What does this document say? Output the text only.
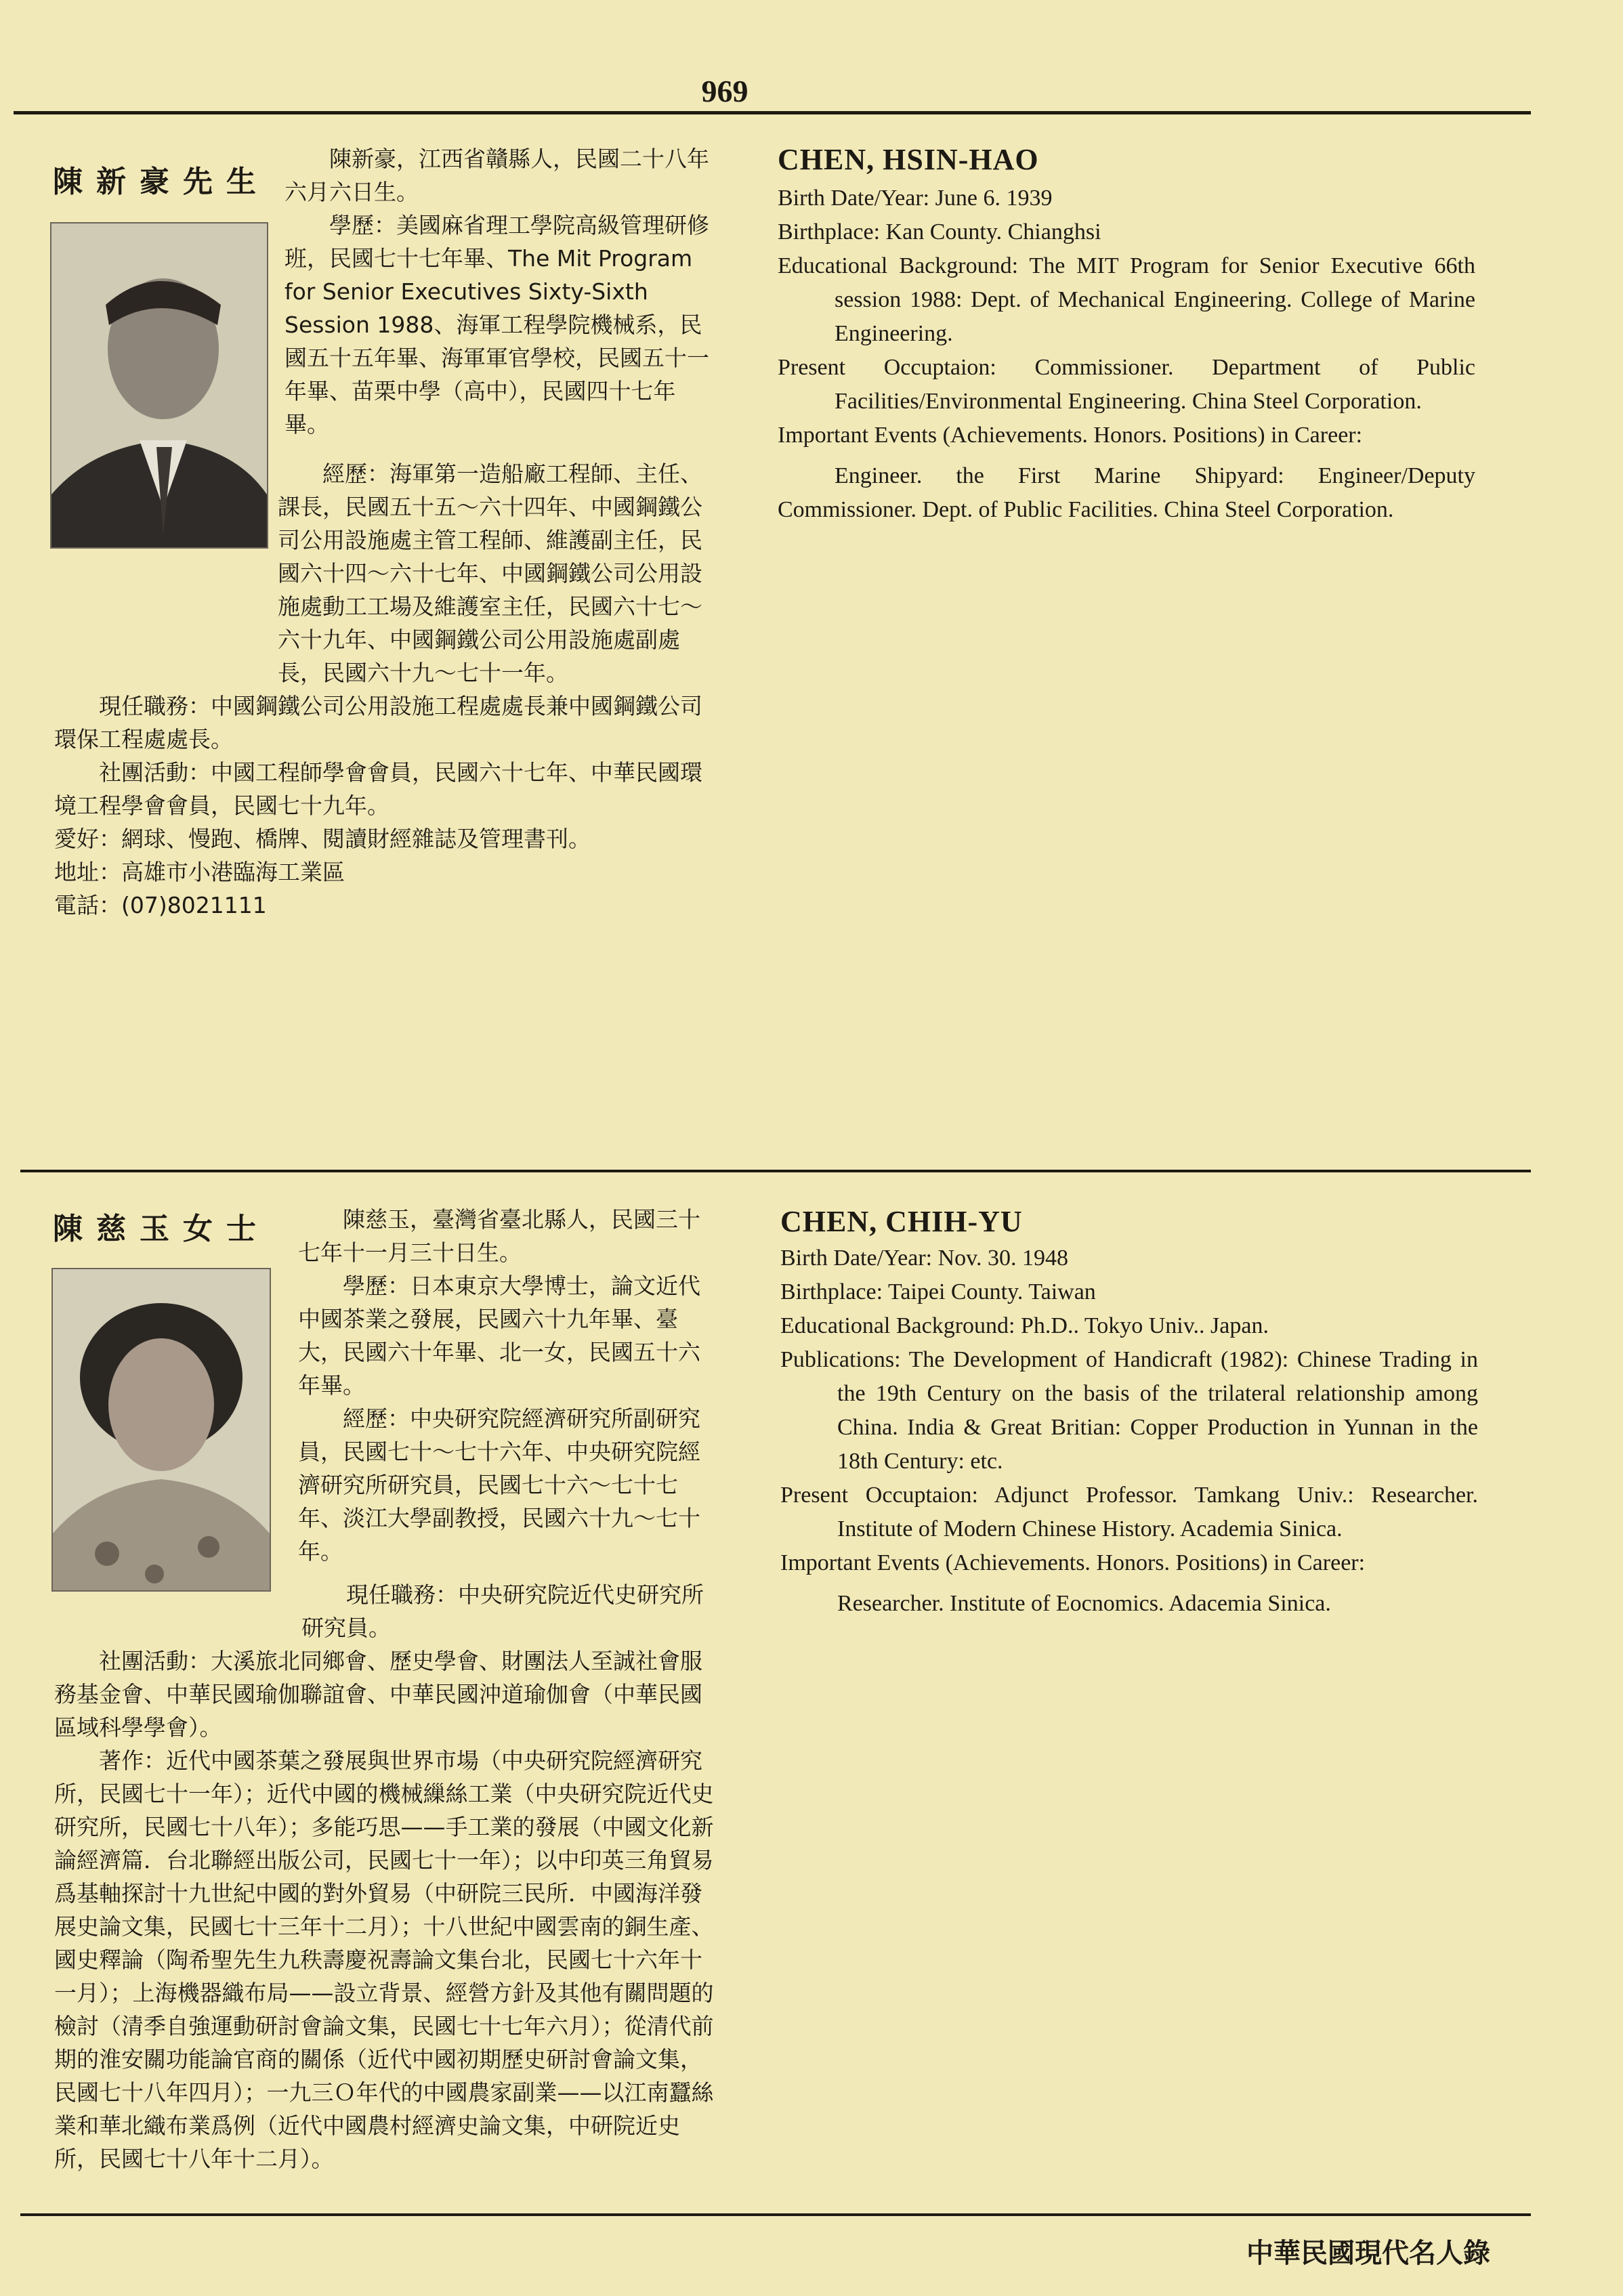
969
陳新豪先生

陳新豪，江西省贛縣人，民國二十八年六月六日生。

學歷：美國麻省理工學院高級管理研修班，民國七十七年畢、The Mit Program for Senior Executives Sixty-Sixth Session 1988、海軍工程學院機械系，民國五十五年畢、海軍軍官學校，民國五十一年畢、苗栗中學（高中），民國四十七年畢。

經歷：海軍第一造船廠工程師、主任、課長，民國五十五～六十四年、中國鋼鐵公司公用設施處主管工程師、維護副主任，民國六十四～六十七年、中國鋼鐵公司公用設施處動工工場及維護室主任，民國六十七～六十九年、中國鋼鐵公司公用設施處副處長，民國六十九～七十一年。

現任職務：中國鋼鐵公司公用設施工程處處長兼中國鋼鐵公司環保工程處處長。

社團活動：中國工程師學會會員，民國六十七年、中華民國環境工程學會會員，民國七十九年。

愛好：網球、慢跑、橋牌、閱讀財經雜誌及管理書刊。

地址：高雄市小港臨海工業區

電話：(07)8021111

CHEN, HSIN-HAO

Birth Date/Year: June 6. 1939

Birthplace: Kan County. Chianghsi

Educational Background: The MIT Program for Senior Executive 66th session 1988: Dept. of Mechanical Engineering. College of Marine Engineering.

Present Occuptaion: Commissioner. Department of Public Facilities/Environmental Engineering. China Steel Corporation.

Important Events (Achievements. Honors. Positions) in Career:

Engineer. the First Marine Shipyard: Engineer/Deputy Commissioner. Dept. of Public Facilities. China Steel Corporation.

陳慈玉女士	陳慈玉，臺灣省臺北縣人，民國三十七年十一月三十日生。

學歷：日本東京大學博士，論文近代中國茶業之發展，民國六十九年畢、臺大，民國六十年畢、北一女，民國五十六年畢。

經歷：中央研究院經濟研究所副研究員，民國七十～七十六年、中央研究院經濟研究所研究員，民國七十六～七十七年、淡江大學副教授，民國六十九～七十年。

現任職務：中央研究院近代史研究所研究員。

社團活動：大溪旅北同鄉會、歷史學會、財團法人至誠社會服務基金會、中華民國瑜伽聯誼會、中華民國沖道瑜伽會（中華民國區域科學學會）。

著作：近代中國茶葉之發展與世界市場（中央研究院經濟研究所，民國七十一年）；近代中國的機械繅絲工業（中央研究院近代史研究所，民國七十八年）；多能巧思——手工業的發展（中國文化新論經濟篇．台北聯經出版公司，民國七十一年）；以中印英三角貿易爲基軸探討十九世紀中國的對外貿易（中研院三民所．中國海洋發展史論文集，民國七十三年十二月）；十八世紀中國雲南的銅生產、國史釋論（陶希聖先生九秩壽慶祝壽論文集台北，民國七十六年十一月）；上海機器織布局——設立背景、經營方針及其他有關問題的檢討（清季自強運動研討會論文集，民國七十七年六月）；從清代前期的淮安關功能論官商的關係（近代中國初期歷史研討會論文集，民國七十八年四月）；一九三Ｏ年代的中國農家副業——以江南蠶絲業和華北織布業爲例（近代中國農村經濟史論文集，中研院近史所，民國七十八年十二月）。

CHEN, CHIH-YU

Birth Date/Year: Nov. 30. 1948

Birthplace: Taipei County. Taiwan

Educational Background: Ph.D.. Tokyo Univ.. Japan.

Publications: The Development of Handicraft (1982): Chinese Trading in the 19th Century on the basis of the trilateral relationship among China. India & Great Britian: Copper Production in Yunnan in the 18th Century: etc.

Present Occuptaion: Adjunct Professor. Tamkang Univ.: Researcher. Institute of Modern Chinese History. Academia Sinica.

Important Events (Achievements. Honors. Positions) in Career:

Researcher. Institute of Eocnomics. Adacemia Sinica.

中華民國現代名人錄
